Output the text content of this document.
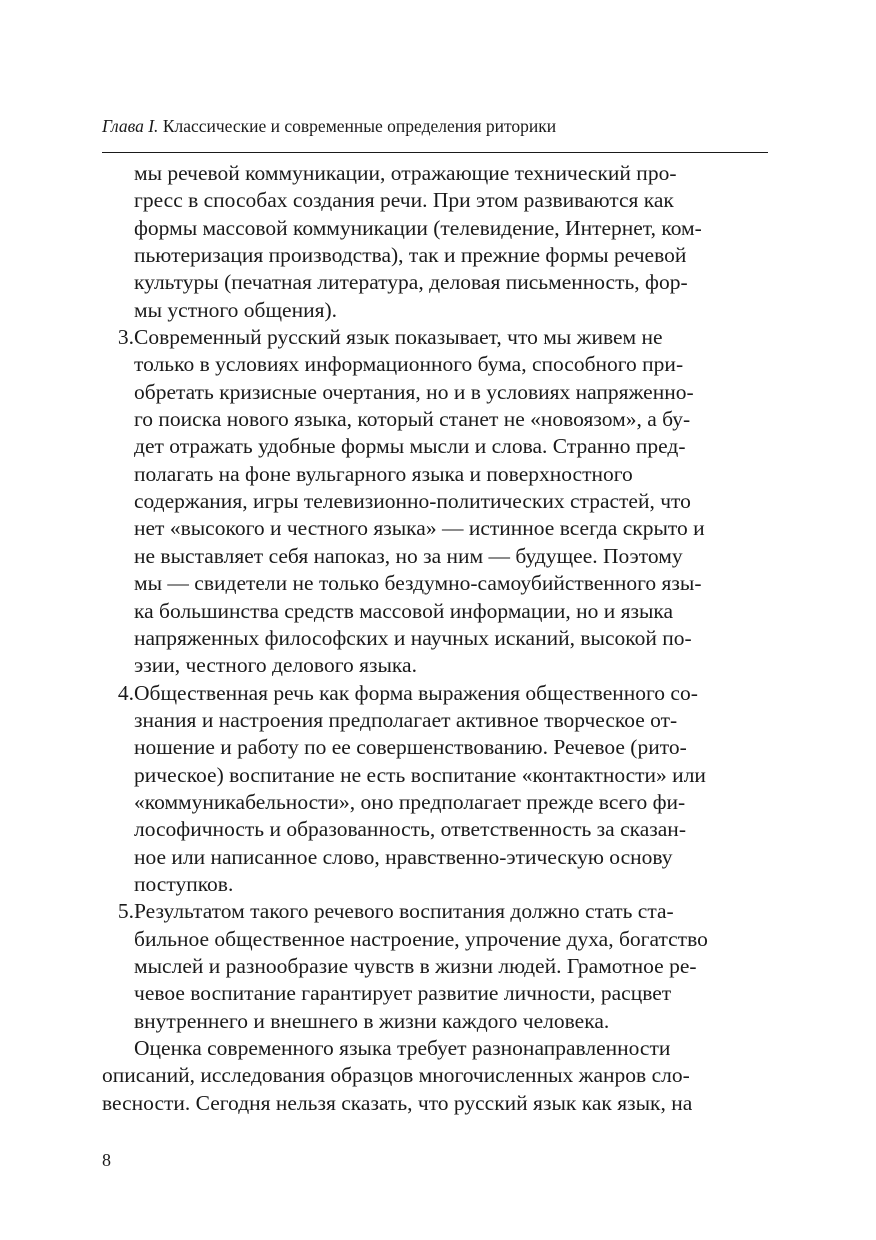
Глава I. Классические и современные определения риторики
мы речевой коммуникации, отражающие технический про-
гресс в способах создания речи. При этом развиваются как
формы массовой коммуникации (телевидение, Интернет, ком-
пьютеризация производства), так и прежние формы речевой
культуры (печатная литература, деловая письменность, фор-
мы устного общения).
3.Современный русский язык показывает, что мы живем не
только в условиях информационного бума, способного при-
обретать кризисные очертания, но и в условиях напряженно-
го поиска нового языка, который станет не «новоязом», а бу-
дет отражать удобные формы мысли и слова. Странно пред-
полагать на фоне вульгарного языка и поверхностного
содержания, игры телевизионно-политических страстей, что
нет «высокого и честного языка» — истинное всегда скрыто и
не выставляет себя напоказ, но за ним — будущее. Поэтому
мы — свидетели не только бездумно-самоубийственного язы-
ка большинства средств массовой информации, но и языка
напряженных философских и научных исканий, высокой по-
эзии, честного делового языка.
4.Общественная речь как форма выражения общественного со-
знания и настроения предполагает активное творческое от-
ношение и работу по ее совершенствованию. Речевое (рито-
рическое) воспитание не есть воспитание «контактности» или
«коммуникабельности», оно предполагает прежде всего фи-
лософичность и образованность, ответственность за сказан-
ное или написанное слово, нравственно-этическую основу
поступков.
5.Результатом такого речевого воспитания должно стать ста-
бильное общественное настроение, упрочение духа, богатство
мыслей и разнообразие чувств в жизни людей. Грамотное ре-
чевое воспитание гарантирует развитие личности, расцвет
внутреннего и внешнего в жизни каждого человека.
Оценка современного языка требует разнонаправленности
описаний, исследования образцов многочисленных жанров сло-
весности. Сегодня нельзя сказать, что русский язык как язык, на
8
